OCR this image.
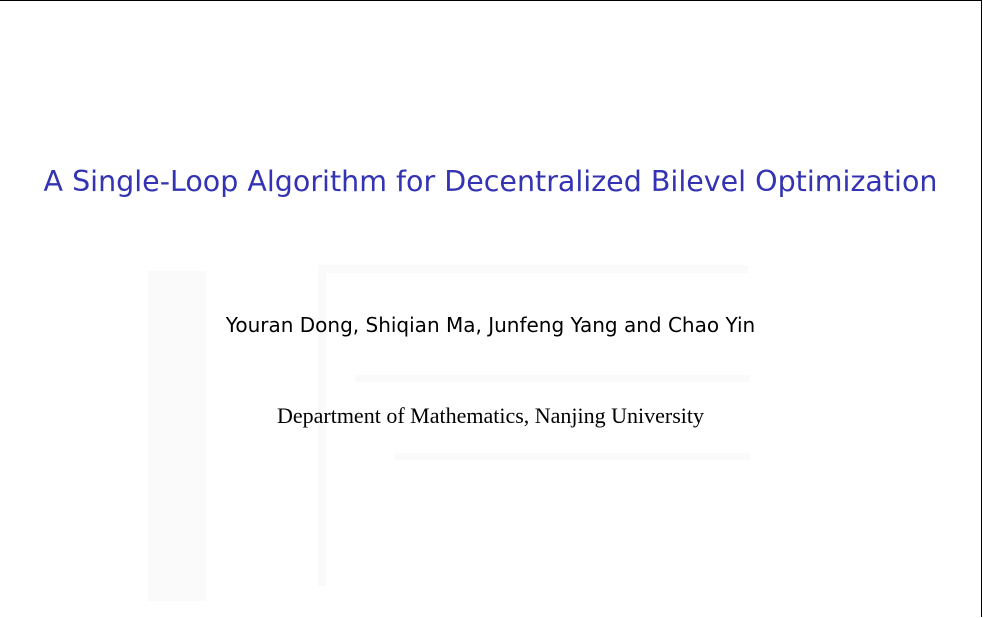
A Single-Loop Algorithm for Decentralized Bilevel Optimization
Youran Dong, Shiqian Ma, Junfeng Yang and Chao Yin
Department of Mathematics, Nanjing University
